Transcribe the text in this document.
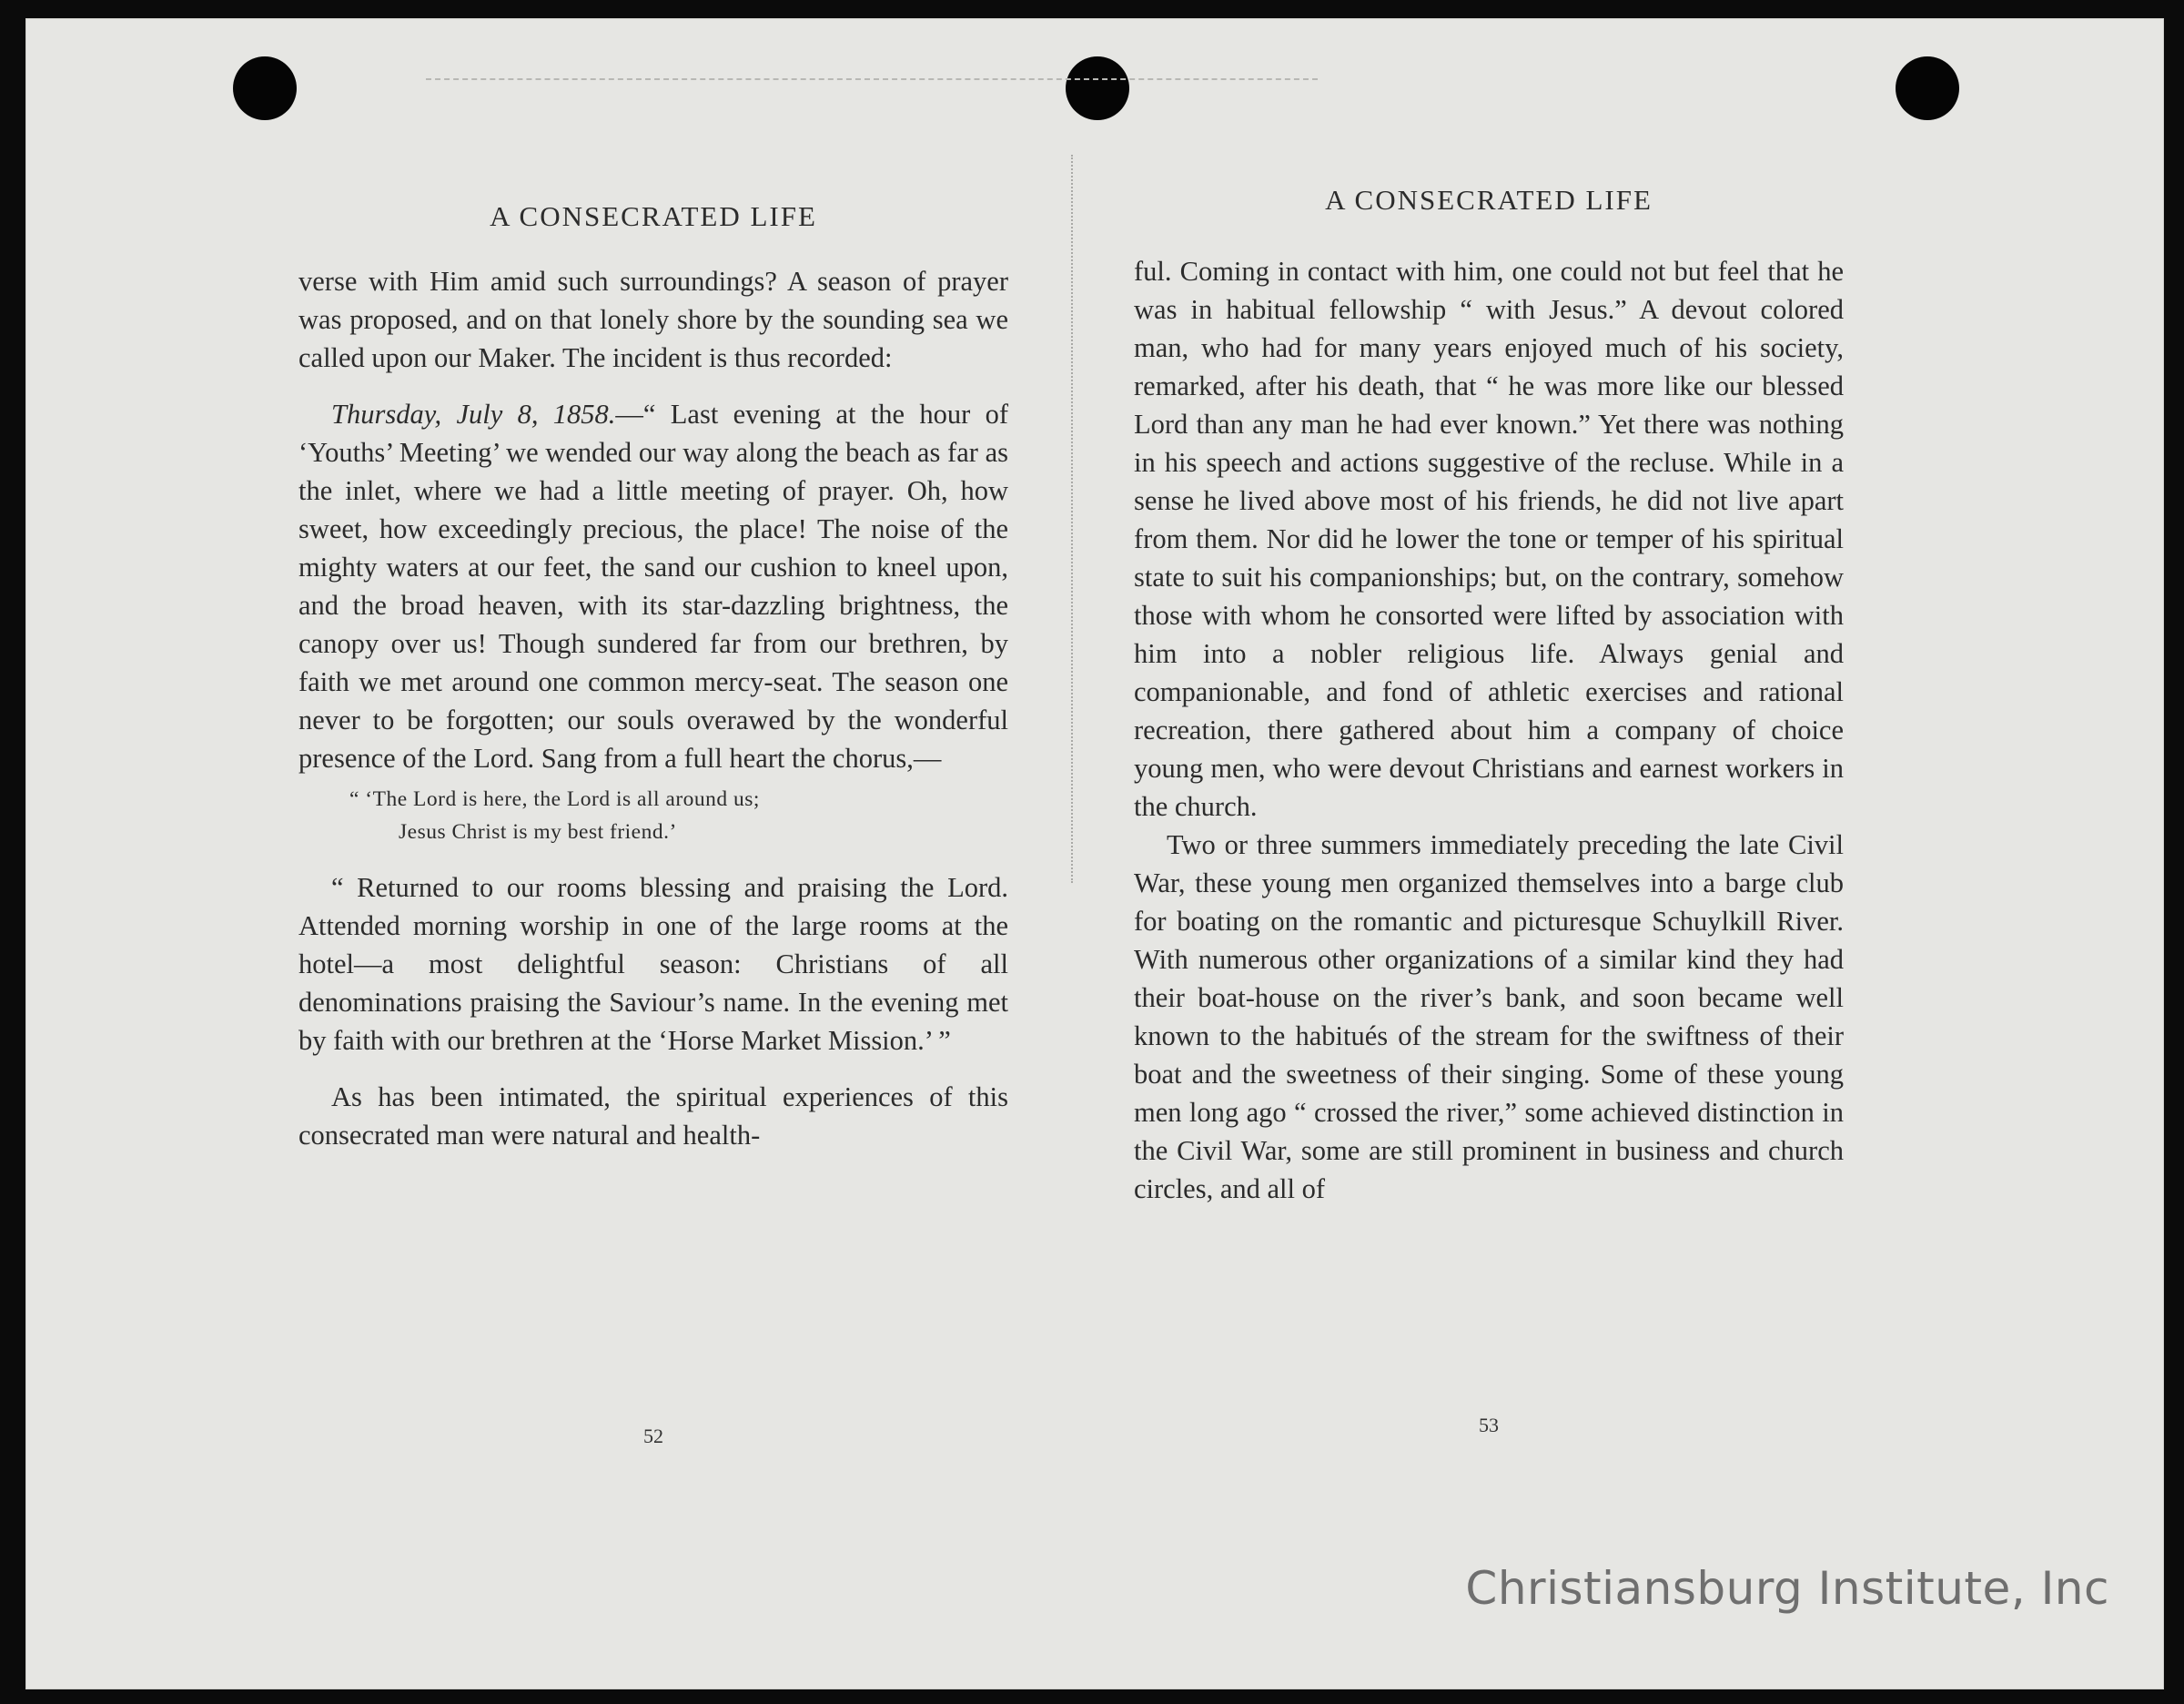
A CONSECRATED LIFE

verse with Him amid such surroundings? A season of prayer was proposed, and on that lonely shore by the sounding sea we called upon our Maker. The incident is thus recorded:

Thursday, July 8, 1858.—“ Last evening at the hour of ‘Youths’ Meeting’ we wended our way along the beach as far as the inlet, where we had a little meeting of prayer. Oh, how sweet, how exceedingly precious, the place! The noise of the mighty waters at our feet, the sand our cushion to kneel upon, and the broad heaven, with its star-dazzling brightness, the canopy over us! Though sundered far from our brethren, by faith we met around one common mercy-seat. The season one never to be forgotten; our souls overawed by the wonderful presence of the Lord. Sang from a full heart the chorus,—

“ ‘The Lord is here, the Lord is all around us;
Jesus Christ is my best friend.’

“ Returned to our rooms blessing and praising the Lord. Attended morning worship in one of the large rooms at the hotel—a most delightful season: Christians of all denominations praising the Saviour’s name. In the evening met by faith with our brethren at the ‘Horse Market Mission.’ ”

As has been intimated, the spiritual experiences of this consecrated man were natural and health-

52
A CONSECRATED LIFE

ful. Coming in contact with him, one could not but feel that he was in habitual fellowship “ with Jesus.” A devout colored man, who had for many years enjoyed much of his society, remarked, after his death, that “ he was more like our blessed Lord than any man he had ever known.” Yet there was nothing in his speech and actions suggestive of the recluse. While in a sense he lived above most of his friends, he did not live apart from them. Nor did he lower the tone or temper of his spiritual state to suit his companionships; but, on the contrary, somehow those with whom he consorted were lifted by association with him into a nobler religious life. Always genial and companionable, and fond of athletic exercises and rational recreation, there gathered about him a company of choice young men, who were devout Christians and earnest workers in the church.

Two or three summers immediately preceding the late Civil War, these young men organized themselves into a barge club for boating on the romantic and picturesque Schuylkill River. With numerous other organizations of a similar kind they had their boat-house on the river’s bank, and soon became well known to the habitués of the stream for the swiftness of their boat and the sweetness of their singing. Some of these young men long ago “ crossed the river,” some achieved distinction in the Civil War, some are still prominent in business and church circles, and all of

53
Christiansburg Institute, Inc
